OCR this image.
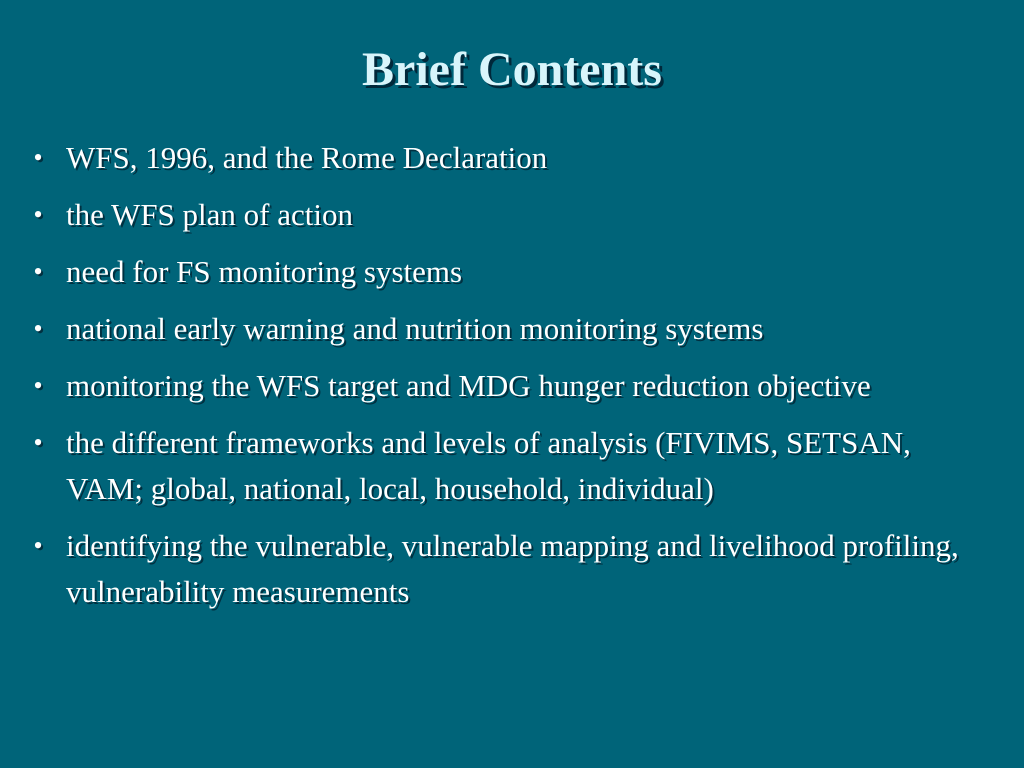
Brief Contents
• WFS, 1996, and the Rome Declaration
• the WFS plan of action
• need for FS monitoring systems
• national early warning and nutrition monitoring systems
• monitoring the WFS target and MDG hunger reduction objective
• the different frameworks and levels of analysis (FIVIMS, SETSAN, VAM; global, national, local, household, individual)
• identifying the vulnerable, vulnerable mapping and livelihood profiling, vulnerability measurements
